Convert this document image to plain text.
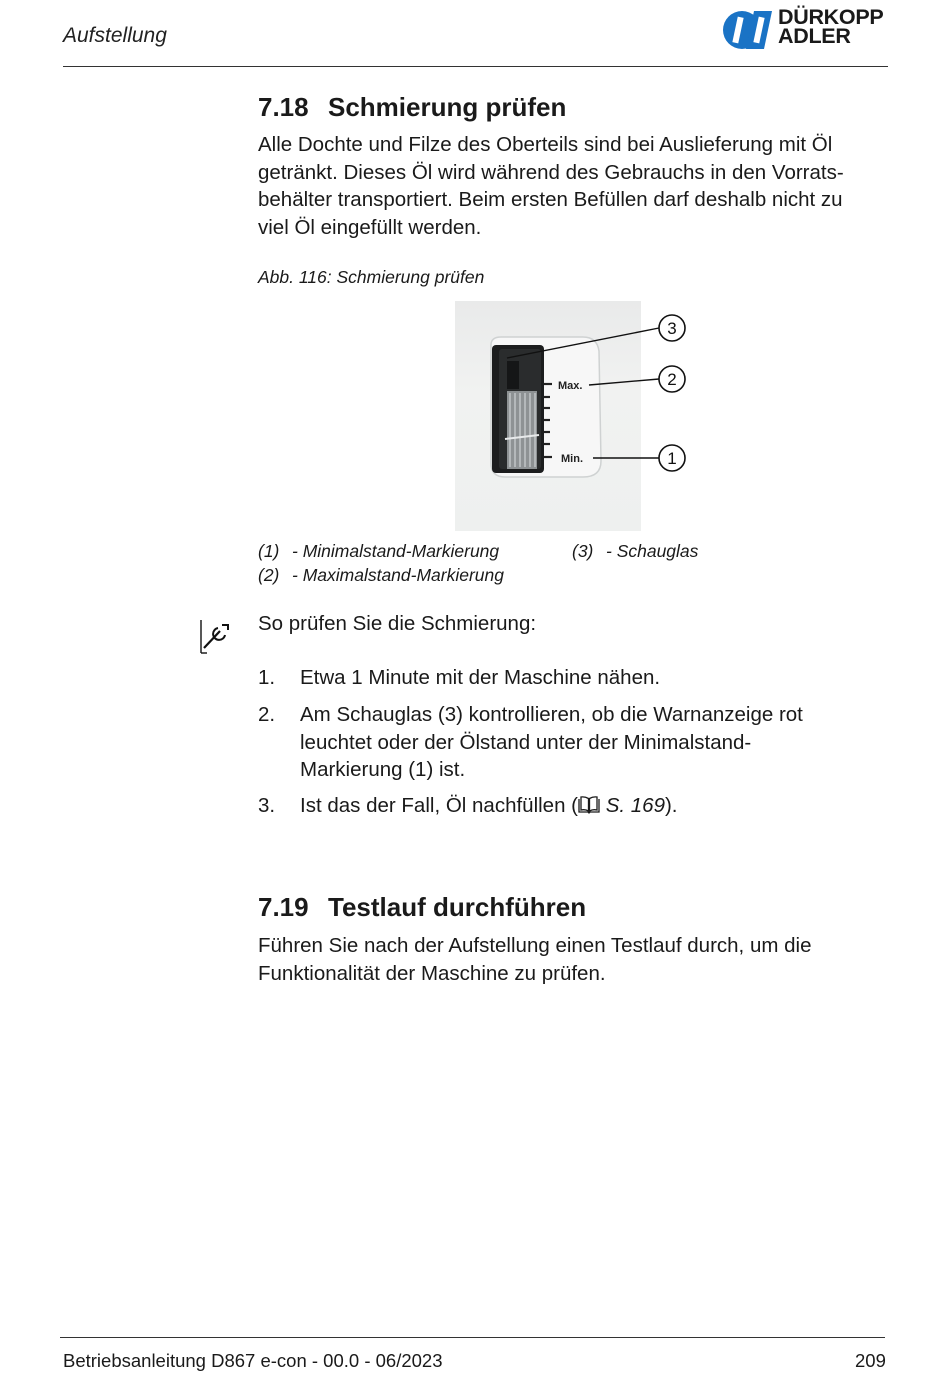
Aufstellung
DÜRKOPP
ADLER
7.18 Schmierung prüfen
Alle Dochte und Filze des Oberteils sind bei Auslieferung mit Öl
getränkt. Dieses Öl wird während des Gebrauchs in den Vorrats-
behälter transportiert. Beim ersten Befüllen darf deshalb nicht zu
viel Öl eingefüllt werden.
Abb. 116: Schmierung prüfen
Max.
Min.
3
2
1
(1) - Minimalstand-Markierung	(3) - Schauglas
(2) - Maximalstand-Markierung
So prüfen Sie die Schmierung:
1. Etwa 1 Minute mit der Maschine nähen.
2. Am Schauglas (3) kontrollieren, ob die Warnanzeige rot
leuchtet oder der Ölstand unter der Minimalstand-
Markierung (1) ist.
3. Ist das der Fall, Öl nachfüllen ( S. 169).
7.19 Testlauf durchführen
Führen Sie nach der Aufstellung einen Testlauf durch, um die
Funktionalität der Maschine zu prüfen.
Betriebsanleitung D867 e-con - 00.0 - 06/2023	209
